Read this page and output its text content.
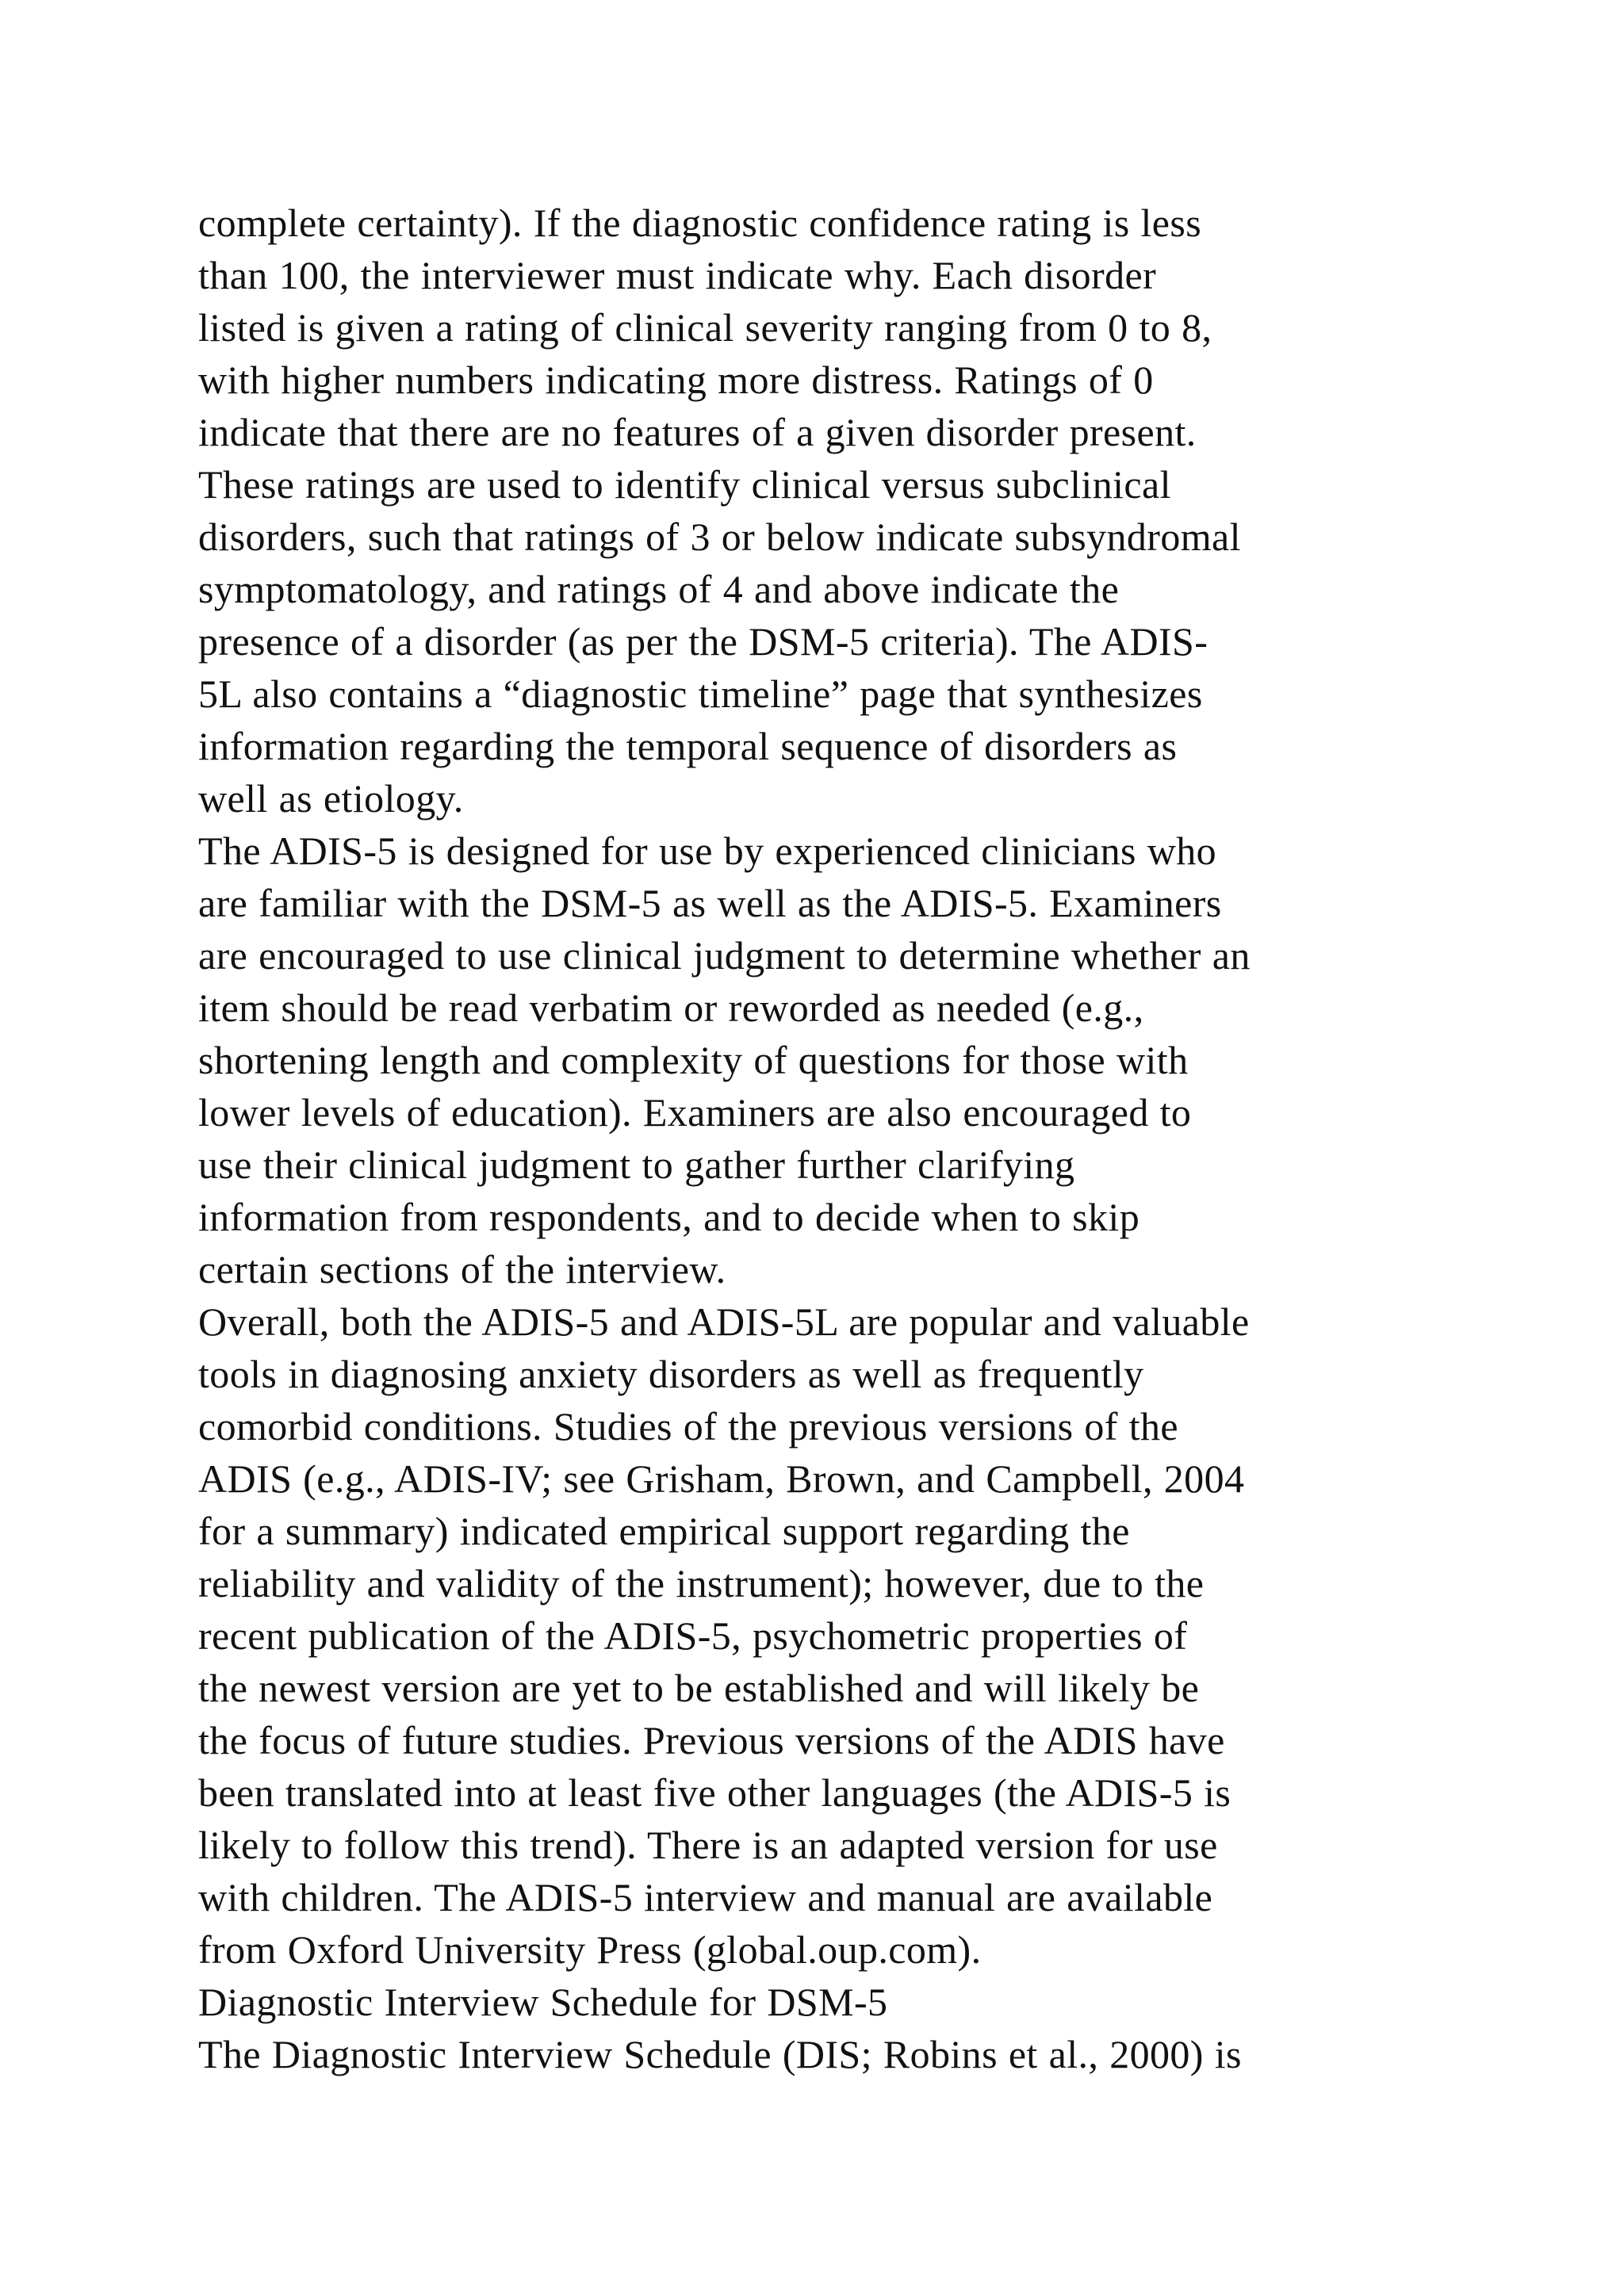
complete certainty). If the diagnostic confidence rating is less
than 100, the interviewer must indicate why. Each disorder
listed is given a rating of clinical severity ranging from 0 to 8,
with higher numbers indicating more distress. Ratings of 0
indicate that there are no features of a given disorder present.
These ratings are used to identify clinical versus subclinical
disorders, such that ratings of 3 or below indicate subsyndromal
symptomatology, and ratings of 4 and above indicate the
presence of a disorder (as per the DSM-5 criteria). The ADIS-
5L also contains a “diagnostic timeline” page that synthesizes
information regarding the temporal sequence of disorders as
well as etiology.
The ADIS-5 is designed for use by experienced clinicians who
are familiar with the DSM-5 as well as the ADIS-5. Examiners
are encouraged to use clinical judgment to determine whether an
item should be read verbatim or reworded as needed (e.g.,
shortening length and complexity of questions for those with
lower levels of education). Examiners are also encouraged to
use their clinical judgment to gather further clarifying
information from respondents, and to decide when to skip
certain sections of the interview.
Overall, both the ADIS-5 and ADIS-5L are popular and valuable
tools in diagnosing anxiety disorders as well as frequently
comorbid conditions. Studies of the previous versions of the
ADIS (e.g., ADIS-IV; see Grisham, Brown, and Campbell, 2004
for a summary) indicated empirical support regarding the
reliability and validity of the instrument); however, due to the
recent publication of the ADIS-5, psychometric properties of
the newest version are yet to be established and will likely be
the focus of future studies. Previous versions of the ADIS have
been translated into at least five other languages (the ADIS-5 is
likely to follow this trend). There is an adapted version for use
with children. The ADIS-5 interview and manual are available
from Oxford University Press (global.oup.com).
Diagnostic Interview Schedule for DSM-5
The Diagnostic Interview Schedule (DIS; Robins et al., 2000) is
